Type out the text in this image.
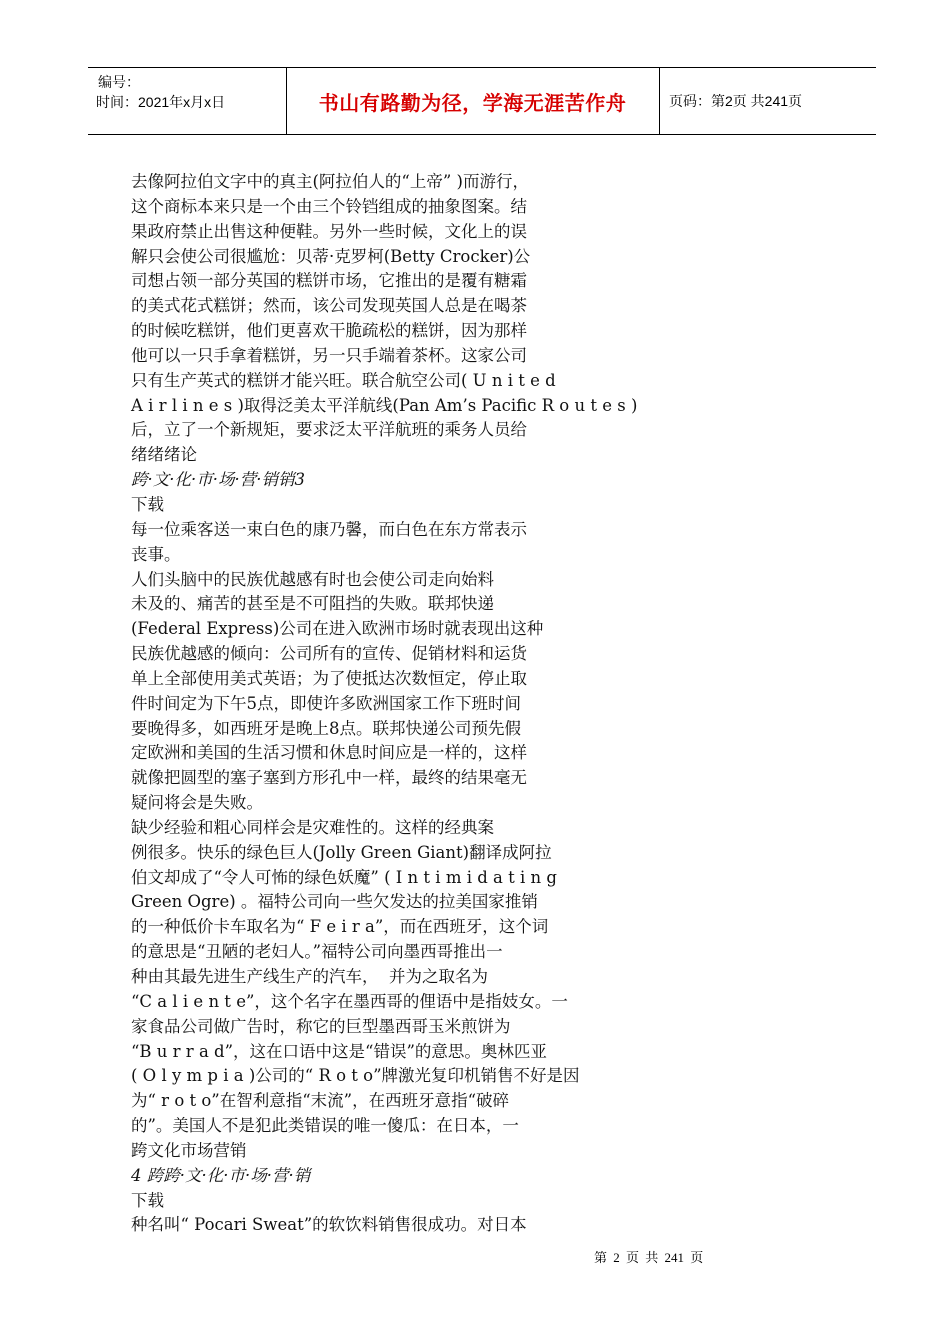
编号：
时间：2021年x月x日	书山有路勤为径，学海无涯苦作舟	页码：第2页 共241页
去像阿拉伯文字中的真主(阿拉伯人的“上帝” )而游行，
这个商标本来只是一个由三个铃铛组成的抽象图案。结
果政府禁止出售这种便鞋。另外一些时候，文化上的误
解只会使公司很尴尬：贝蒂·克罗柯(Betty Crocker)公
司想占领一部分英国的糕饼市场，它推出的是覆有糖霜
的美式花式糕饼；然而，该公司发现英国人总是在喝茶
的时候吃糕饼，他们更喜欢干脆疏松的糕饼，因为那样
他可以一只手拿着糕饼，另一只手端着茶杯。这家公司
只有生产英式的糕饼才能兴旺。联合航空公司( U n i t e d
A i r l i n e s )取得泛美太平洋航线(Pan Am’s Pacific R o u t e s )
后，立了一个新规矩，要求泛太平洋航班的乘务人员给
绪绪绪论
跨·文·化·市·场·营·销销3
下载
每一位乘客送一束白色的康乃馨，而白色在东方常表示
丧事。
人们头脑中的民族优越感有时也会使公司走向始料
未及的、痛苦的甚至是不可阻挡的失败。联邦快递
(Federal Express)公司在进入欧洲市场时就表现出这种
民族优越感的倾向：公司所有的宣传、促销材料和运货
单上全部使用美式英语；为了使抵达次数恒定，停止取
件时间定为下午5点，即使许多欧洲国家工作下班时间
要晚得多，如西班牙是晚上8点。联邦快递公司预先假
定欧洲和美国的生活习惯和休息时间应是一样的，这样
就像把圆型的塞子塞到方形孔中一样，最终的结果毫无
疑问将会是失败。
缺少经验和粗心同样会是灾难性的。这样的经典案
例很多。快乐的绿色巨人(Jolly Green Giant)翻译成阿拉
伯文却成了“令人可怖的绿色妖魔” ( I n t i m i d a t i n g
Green Ogre) 。福特公司向一些欠发达的拉美国家推销
的一种低价卡车取名为“ F e i r a”，而在西班牙，这个词
的意思是“丑陋的老妇人。”福特公司向墨西哥推出一
种由其最先进生产线生产的汽车，  并为之取名为
“C a l i e n t e”，这个名字在墨西哥的俚语中是指妓女。一
家食品公司做广告时，称它的巨型墨西哥玉米煎饼为
“B u r r a d”，这在口语中这是“错误”的意思。奥林匹亚
( O l y m p i a )公司的“ R o t o”牌激光复印机销售不好是因
为“ r o t o”在智利意指“末流”，在西班牙意指“破碎
的”。美国人不是犯此类错误的唯一傻瓜：在日本，一
跨文化市场营销
4 跨跨·文·化·市·场·营·销
下载
种名叫“ Pocari Sweat”的软饮料销售很成功。对日本
第 2 页 共 241 页
